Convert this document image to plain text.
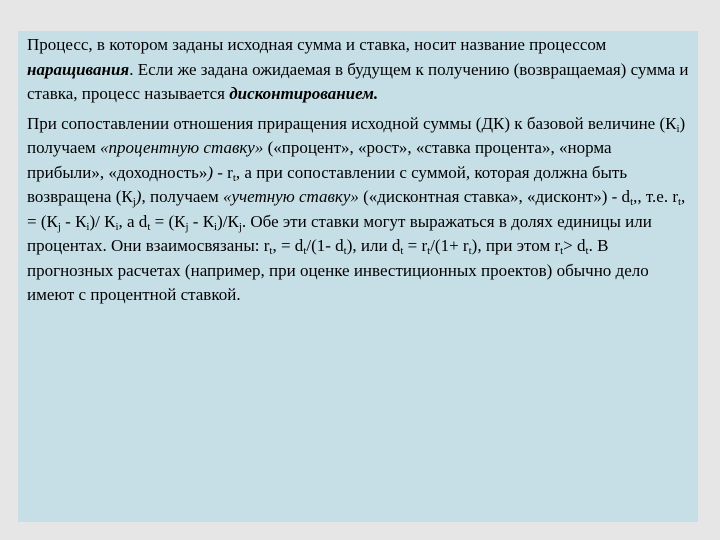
Процесс, в котором заданы исходная сумма и ставка, носит название процессом наращивания. Если же задана ожидаемая в будущем к получению (возвращаемая) сумма и ставка, процесс называется дисконтированием.

При сопоставлении отношения приращения исходной суммы (ДК) к базовой величине $(К_i)$ получаем «процентную ставку» («процент», «рост», «ставка процента», «норма прибыли», «доходность») - $r_t$, а при сопоставлении с суммой, которая должна быть возвращена $(К_j)$, получаем «учетную ставку» («дисконтная ставка», «дисконт») - $d_t$,, т.е. $r_t$, = $(К_j - К_i)/$ $К_i$, а $d_t = (К_j - К_i)/К_j$. Обе эти ставки могут выражаться в долях единицы или процентах. Они взаимосвязаны: $r_t$, = $d_t/(1-$ $d_t$), или $d_t = r_t/(1+ r_t)$, при этом $r_t> d_t$. В прогнозных расчетах (например, при оценке инвестиционных проектов) обычно дело имеют с процентной ставкой.
